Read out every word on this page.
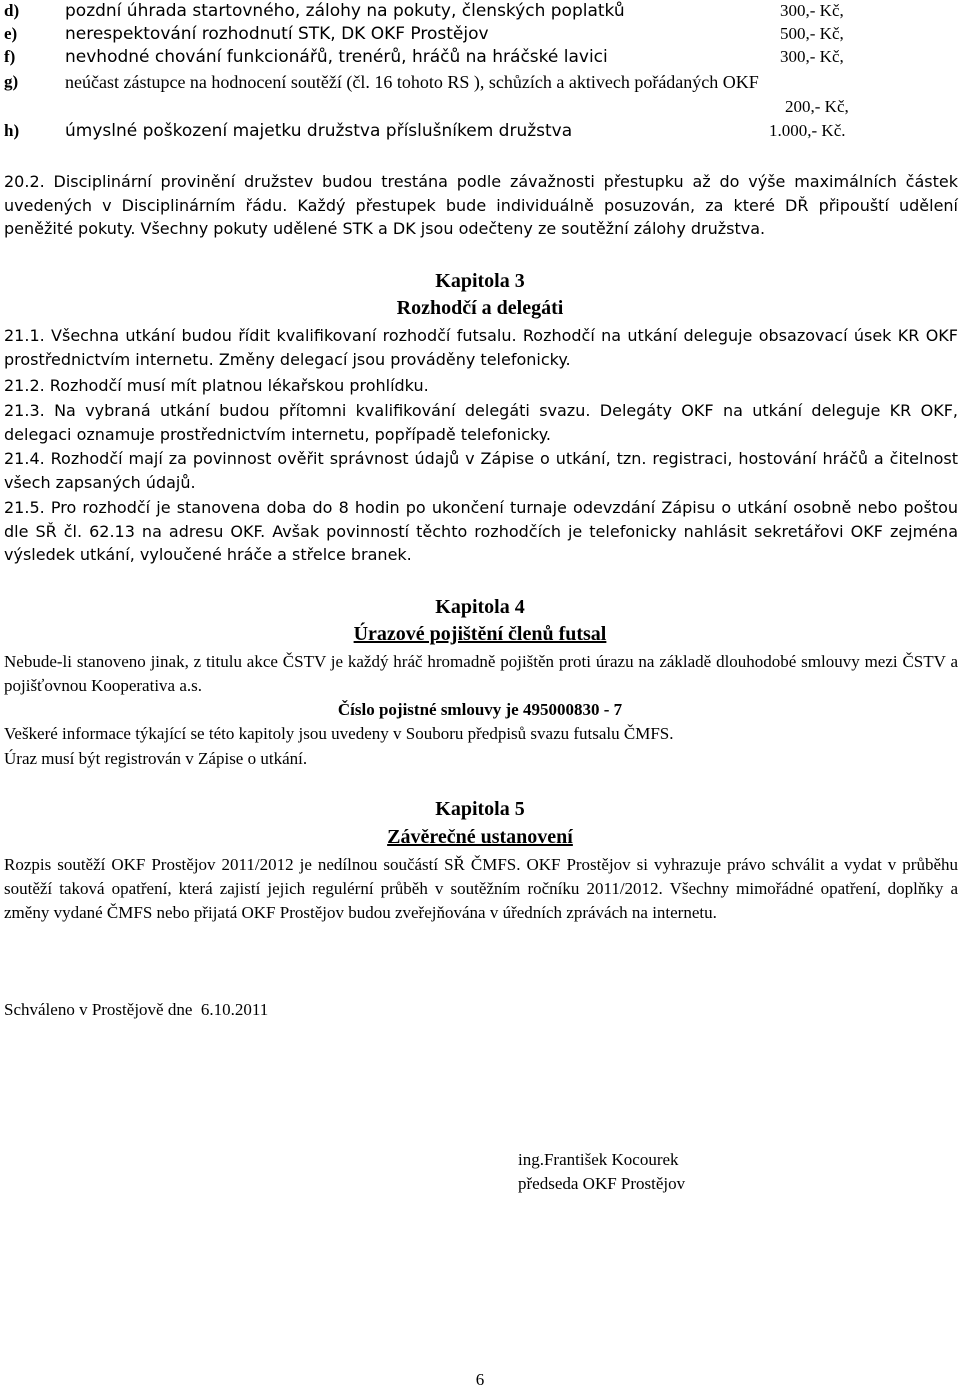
d)	pozdní úhrada startovného, zálohy na pokuty, členských poplatků	300,- Kč,
e)	nerespektování rozhodnutí STK, DK OKF Prostějov	500,- Kč,
f)	nevhodné chování funkcionářů, trenérů, hráčů na hráčské lavici	300,- Kč,
g)	neúčast zástupce na hodnocení soutěží (čl. 16 tohoto RS ), schůzích a aktivech pořádaných OKF
200,- Kč,
h)	úmyslné poškození majetku družstva příslušníkem družstva	1.000,- Kč.

20.2. Disciplinární provinění družstev budou trestána podle závažnosti přestupku až do výše maximálních částek uvedených v Disciplinárním řádu. Každý přestupek bude individuálně posuzován, za které DŘ připouští udělení peněžité pokuty. Všechny pokuty udělené STK a DK jsou odečteny ze soutěžní zálohy družstva.

Kapitola 3
Rozhodčí a delegáti

21.1. Všechna utkání budou řídit kvalifikovaní rozhodčí futsalu. Rozhodčí na utkání deleguje obsazovací úsek KR OKF prostřednictvím internetu. Změny delegací jsou prováděny telefonicky.

21.2. Rozhodčí musí mít platnou lékařskou prohlídku.

21.3. Na vybraná utkání budou přítomni kvalifikování delegáti svazu. Delegáty OKF na utkání deleguje KR OKF, delegaci oznamuje prostřednictvím internetu, popřípadě telefonicky.

21.4. Rozhodčí mají za povinnost ověřit správnost údajů v Zápise o utkání, tzn. registraci, hostování hráčů a čitelnost všech zapsaných údajů.

21.5. Pro rozhodčí je stanovena doba do 8 hodin po ukončení turnaje odevzdání Zápisu o utkání osobně nebo poštou dle SŘ čl. 62.13 na adresu OKF. Avšak povinností těchto rozhodčích je telefonicky nahlásit sekretářovi OKF zejména výsledek utkání, vyloučené hráče a střelce branek.

Kapitola 4
Úrazové pojištění členů futsal

Nebude-li stanoveno jinak, z titulu akce ČSTV je každý hráč hromadně pojištěn proti úrazu na základě dlouhodobé smlouvy mezi ČSTV a pojišťovnou Kooperativa a.s.

Číslo pojistné smlouvy je 495000830 - 7
Veškeré informace týkající se této kapitoly jsou uvedeny v Souboru předpisů svazu futsalu ČMFS.
Úraz musí být registrován v Zápise o utkání.
Kapitola 5
Závěrečné ustanovení

Rozpis soutěží OKF Prostějov 2011/2012 je nedílnou součástí SŘ ČMFS. OKF Prostějov si vyhrazuje právo schválit a vydat v průběhu soutěží taková opatření, která zajistí jejich regulérní průběh v soutěžním ročníku 2011/2012. Všechny mimořádné opatření, doplňky a změny vydané ČMFS nebo přijatá OKF Prostějov budou zveřejňována v úředních zprávách na internetu.

Schváleno v Prostějově dne  6.10.2011
ing.František Kocourek
předseda OKF Prostějov
6
